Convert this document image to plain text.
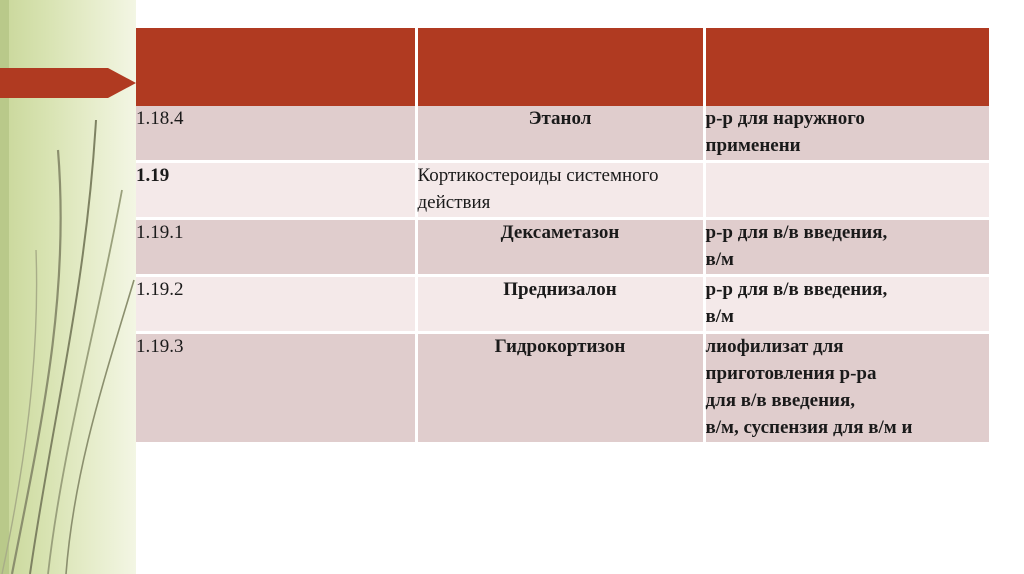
1.18.4	Этанол	р-р для наружного
применени

1.19	Кортикостероиды системного действия	
1.19.1	Дексаметазон	р-р для в/в введения,
в/м

1.19.2	Преднизалон	р-р для в/в введения,
в/м

1.19.3	Гидрокортизон	лиофилизат для
приготовления р-ра
для в/в введения,
в/м, суспензия для в/м и
